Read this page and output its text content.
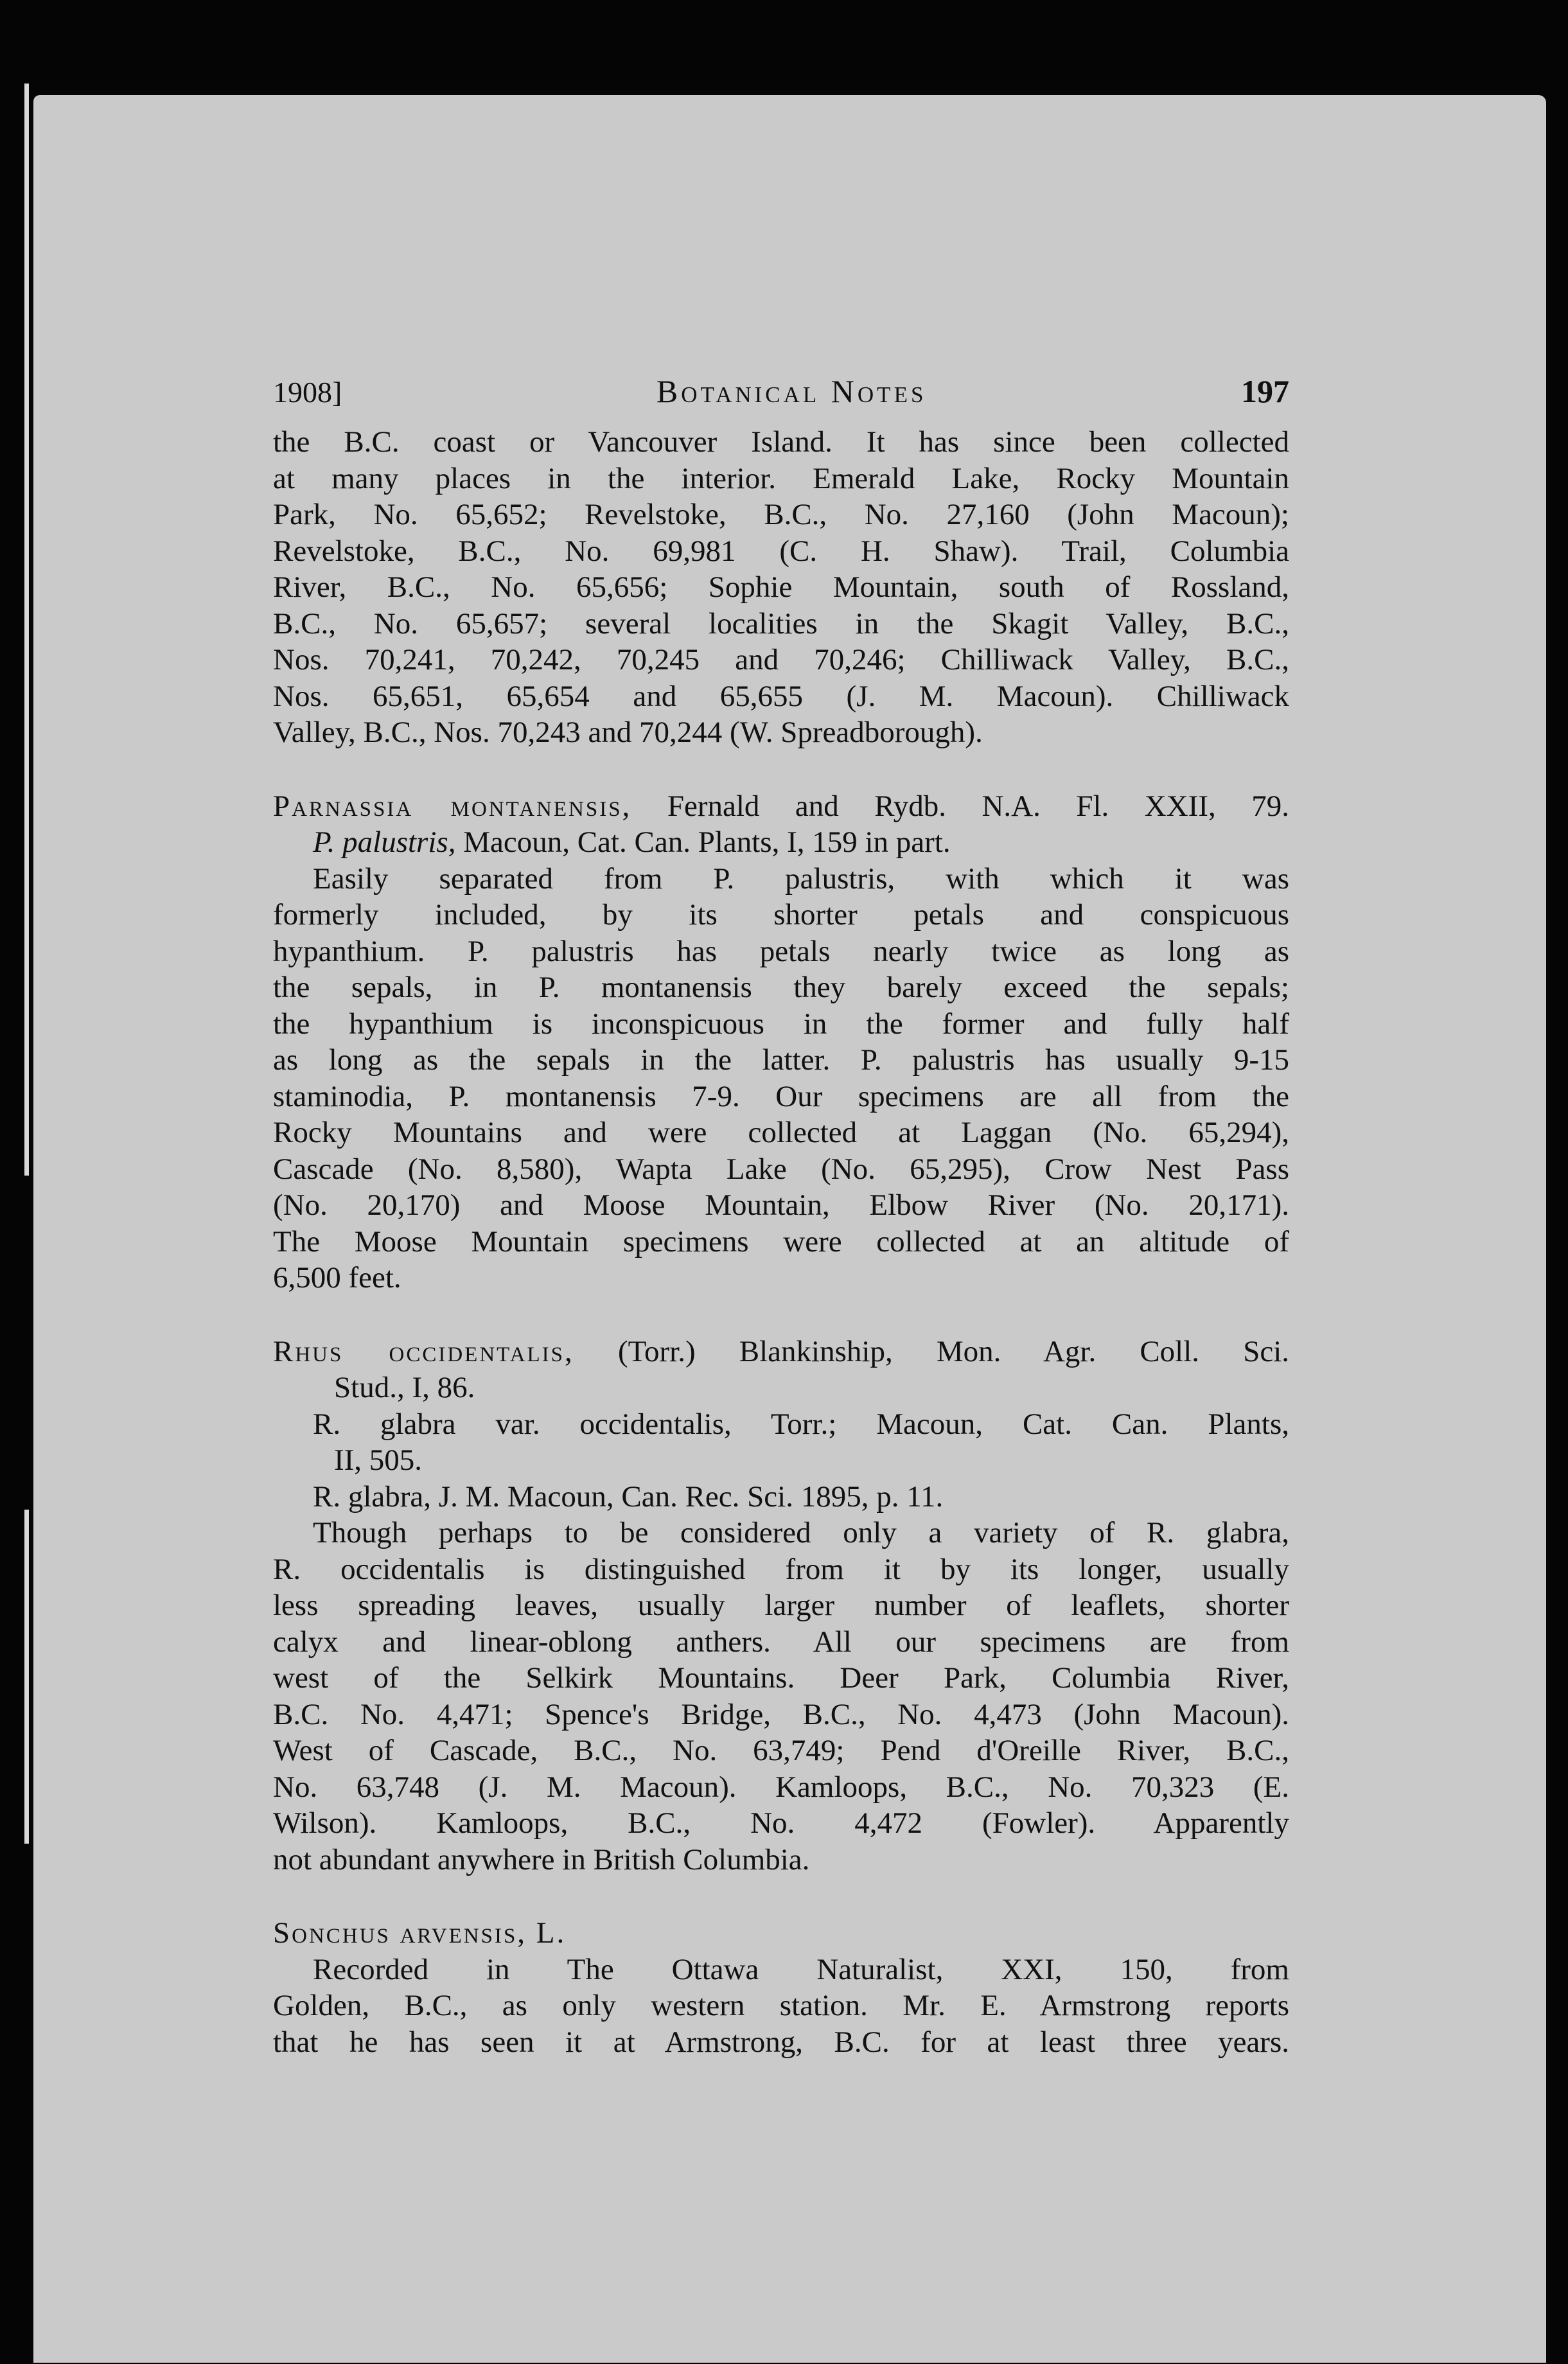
1908]	Botanical Notes	197

the B.C. coast or Vancouver Island. It has since been collected
at many places in the interior. Emerald Lake, Rocky Mountain
Park, No. 65,652; Revelstoke, B.C., No. 27,160 (John Macoun);
Revelstoke, B.C., No. 69,981 (C. H. Shaw). Trail, Columbia
River, B.C., No. 65,656; Sophie Mountain, south of Rossland,
B.C., No. 65,657; several localities in the Skagit Valley, B.C.,
Nos. 70,241, 70,242, 70,245 and 70,246; Chilliwack Valley, B.C.,
Nos. 65,651, 65,654 and 65,655 (J. M. Macoun). Chilliwack
Valley, B.C., Nos. 70,243 and 70,244 (W. Spreadborough).

Parnassia montanensis, Fernald and Rydb. N.A. Fl. XXII, 79.
P. palustris, Macoun, Cat. Can. Plants, I, 159 in part.
Easily separated from P. palustris, with which it was
formerly included, by its shorter petals and conspicuous
hypanthium. P. palustris has petals nearly twice as long as
the sepals, in P. montanensis they barely exceed the sepals;
the hypanthium is inconspicuous in the former and fully half
as long as the sepals in the latter. P. palustris has usually 9-15
staminodia, P. montanensis 7-9. Our specimens are all from the
Rocky Mountains and were collected at Laggan (No. 65,294),
Cascade (No. 8,580), Wapta Lake (No. 65,295), Crow Nest Pass
(No. 20,170) and Moose Mountain, Elbow River (No. 20,171).
The Moose Mountain specimens were collected at an altitude of
6,500 feet.

Rhus occidentalis, (Torr.) Blankinship, Mon. Agr. Coll. Sci.
Stud., I, 86.
R. glabra var. occidentalis, Torr.; Macoun, Cat. Can. Plants,
II, 505.
R. glabra, J. M. Macoun, Can. Rec. Sci. 1895, p. 11.
Though perhaps to be considered only a variety of R. glabra,
R. occidentalis is distinguished from it by its longer, usually
less spreading leaves, usually larger number of leaflets, shorter
calyx and linear-oblong anthers. All our specimens are from
west of the Selkirk Mountains. Deer Park, Columbia River,
B.C. No. 4,471; Spence's Bridge, B.C., No. 4,473 (John Macoun).
West of Cascade, B.C., No. 63,749; Pend d'Oreille River, B.C.,
No. 63,748 (J. M. Macoun). Kamloops, B.C., No. 70,323 (E.
Wilson). Kamloops, B.C., No. 4,472 (Fowler). Apparently
not abundant anywhere in British Columbia.

Sonchus arvensis, L.
Recorded in The Ottawa Naturalist, XXI, 150, from
Golden, B.C., as only western station. Mr. E. Armstrong reports
that he has seen it at Armstrong, B.C. for at least three years.
